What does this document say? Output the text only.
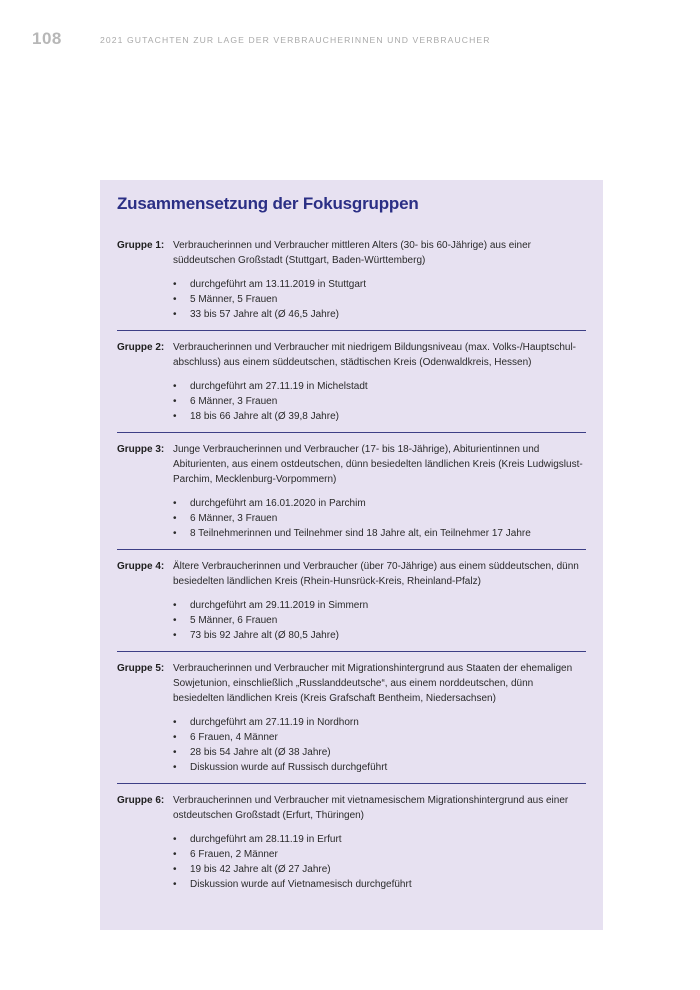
108	2021 GUTACHTEN ZUR LAGE DER VERBRAUCHERINNEN UND VERBRAUCHER
Zusammensetzung der Fokusgruppen
Gruppe 1: Verbraucherinnen und Verbraucher mittleren Alters (30- bis 60-Jährige) aus einer süddeutschen Großstadt (Stuttgart, Baden-Württemberg)

• durchgeführt am 13.11.2019 in Stuttgart
• 5 Männer, 5 Frauen
• 33 bis 57 Jahre alt (Ø 46,5 Jahre)
Gruppe 2: Verbraucherinnen und Verbraucher mit niedrigem Bildungsniveau (max. Volks-/Hauptschul- abschluss) aus einem süddeutschen, städtischen Kreis (Odenwaldkreis, Hessen)

• durchgeführt am 27.11.19 in Michelstadt
• 6 Männer, 3 Frauen
• 18 bis 66 Jahre alt (Ø 39,8 Jahre)
Gruppe 3: Junge Verbraucherinnen und Verbraucher (17- bis 18-Jährige), Abiturientinnen und Abiturienten, aus einem ostdeutschen, dünn besiedelten ländlichen Kreis (Kreis Ludwigslust-Parchim, Mecklenburg-Vorpommern)

• durchgeführt am 16.01.2020 in Parchim
• 6 Männer, 3 Frauen
• 8 Teilnehmerinnen und Teilnehmer sind 18 Jahre alt, ein Teilnehmer 17 Jahre
Gruppe 4: Ältere Verbraucherinnen und Verbraucher (über 70-Jährige) aus einem süddeutschen, dünn besiedelten ländlichen Kreis (Rhein-Hunsrück-Kreis, Rheinland-Pfalz)

• durchgeführt am 29.11.2019 in Simmern
• 5 Männer, 6 Frauen
• 73 bis 92 Jahre alt (Ø 80,5 Jahre)
Gruppe 5: Verbraucherinnen und Verbraucher mit Migrationshintergrund aus Staaten der ehemaligen Sowjetunion, einschließlich „Russlanddeutsche“, aus einem norddeutschen, dünn besiedelten ländlichen Kreis (Kreis Grafschaft Bentheim, Niedersachsen)

• durchgeführt am 27.11.19 in Nordhorn
• 6 Frauen, 4 Männer
• 28 bis 54 Jahre alt (Ø 38 Jahre)
• Diskussion wurde auf Russisch durchgeführt
Gruppe 6: Verbraucherinnen und Verbraucher mit vietnamesischem Migrationshintergrund aus einer ostdeutschen Großstadt (Erfurt, Thüringen)

• durchgeführt am 28.11.19 in Erfurt
• 6 Frauen, 2 Männer
• 19 bis 42 Jahre alt (Ø 27 Jahre)
• Diskussion wurde auf Vietnamesisch durchgeführt
